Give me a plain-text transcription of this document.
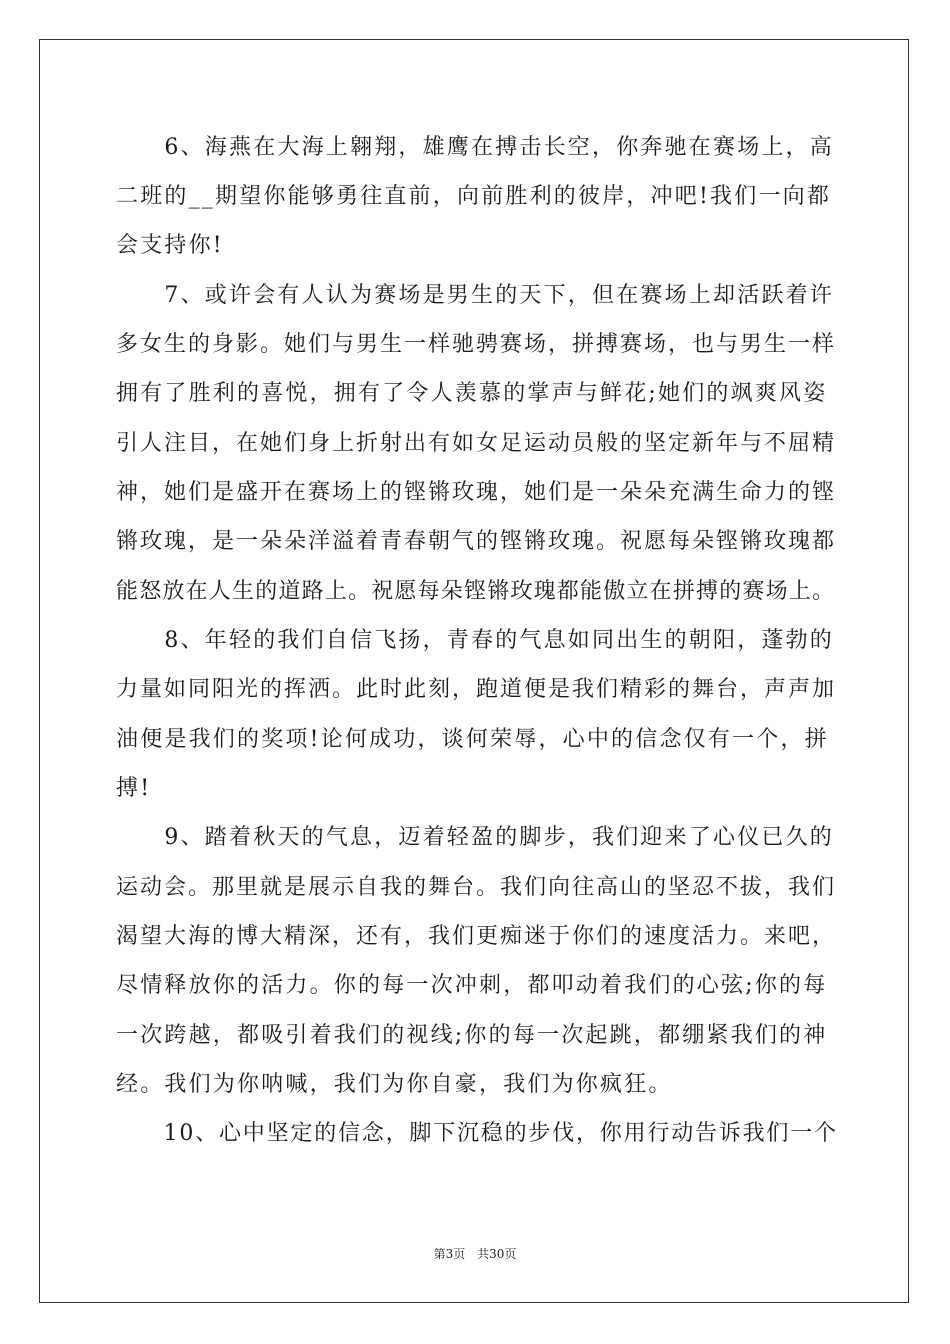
　　6、海燕在大海上翱翔，雄鹰在搏击长空，你奔驰在赛场上，高

二班的__期望你能够勇往直前，向前胜利的彼岸，冲吧!我们一向都

会支持你!

　　7、或许会有人认为赛场是男生的天下，但在赛场上却活跃着许

多女生的身影。她们与男生一样驰骋赛场，拼搏赛场，也与男生一样

拥有了胜利的喜悦，拥有了令人羡慕的掌声与鲜花;她们的飒爽风姿

引人注目，在她们身上折射出有如女足运动员般的坚定新年与不屈精

神，她们是盛开在赛场上的铿锵玫瑰，她们是一朵朵充满生命力的铿

锵玫瑰，是一朵朵洋溢着青春朝气的铿锵玫瑰。祝愿每朵铿锵玫瑰都

能怒放在人生的道路上。祝愿每朵铿锵玫瑰都能傲立在拼搏的赛场上。

　　8、年轻的我们自信飞扬，青春的气息如同出生的朝阳，蓬勃的

力量如同阳光的挥洒。此时此刻，跑道便是我们精彩的舞台，声声加

油便是我们的奖项!论何成功，谈何荣辱，心中的信念仅有一个，拼

搏!

　　9、踏着秋天的气息，迈着轻盈的脚步，我们迎来了心仪已久的

运动会。那里就是展示自我的舞台。我们向往高山的坚忍不拔，我们

渴望大海的博大精深，还有，我们更痴迷于你们的速度活力。来吧，

尽情释放你的活力。你的每一次冲刺，都叩动着我们的心弦;你的每

一次跨越，都吸引着我们的视线;你的每一次起跳，都绷紧我们的神

经。我们为你呐喊，我们为你自豪，我们为你疯狂。

　　10、心中坚定的信念，脚下沉稳的步伐，你用行动告诉我们一个

第3页 共30页
